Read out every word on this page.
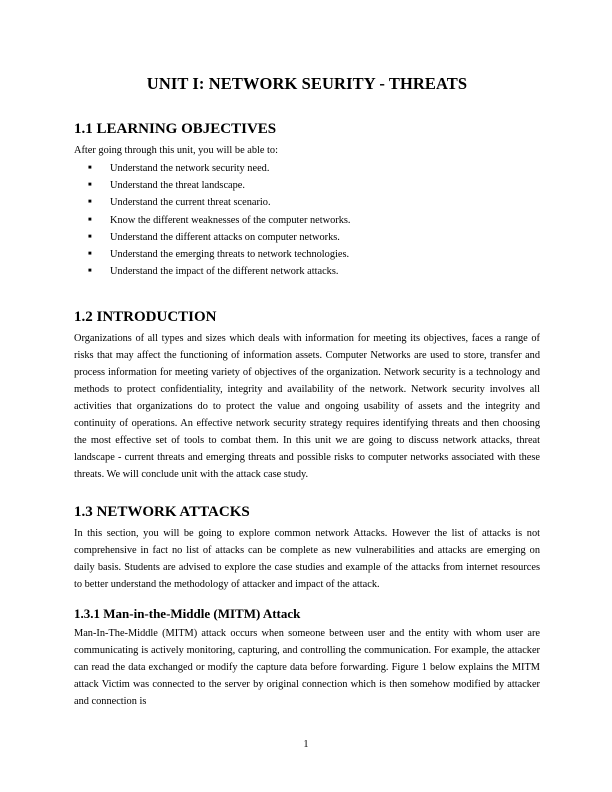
UNIT I: NETWORK SEURITY - THREATS
1.1 LEARNING OBJECTIVES

After going through this unit, you will be able to:

■	Understand the network security need.
■	Understand the threat landscape.
■	Understand the current threat scenario.
■	Know the different weaknesses of the computer networks.
■	Understand the different attacks on computer networks.
■	Understand the emerging threats to network technologies.
■	Understand the impact of the different network attacks.
1.2 INTRODUCTION

Organizations of all types and sizes which deals with information for meeting its objectives, faces a range of risks that may affect the functioning of information assets. Computer Networks are used to store, transfer and process information for meeting variety of objectives of the organization. Network security is a technology and methods to protect confidentiality, integrity and availability of the network. Network security involves all activities that organizations do to protect the value and ongoing usability of assets and the integrity and continuity of operations. An effective network security strategy requires identifying threats and then choosing the most effective set of tools to combat them. In this unit we are going to discuss network attacks, threat landscape - current threats and emerging threats and possible risks to computer networks associated with these threats. We will conclude unit with the attack case study.

1.3 NETWORK ATTACKS

In this section, you will be going to explore common network Attacks. However the list of attacks is not comprehensive in fact no list of attacks can be complete as new vulnerabilities and attacks are emerging on daily basis. Students are advised to explore the case studies and example of the attacks from internet resources to better understand the methodology of attacker and impact of the attack.

1.3.1 Man-in-the-Middle (MITM) Attack

Man-In-The-Middle (MITM) attack occurs when someone between user and the entity with whom user are communicating is actively monitoring, capturing, and controlling the communication. For example, the attacker can read the data exchanged or modify the capture data before forwarding. Figure 1 below explains the MITM attack Victim was connected to the server by original connection which is then somehow modified by attacker and connection is

1
